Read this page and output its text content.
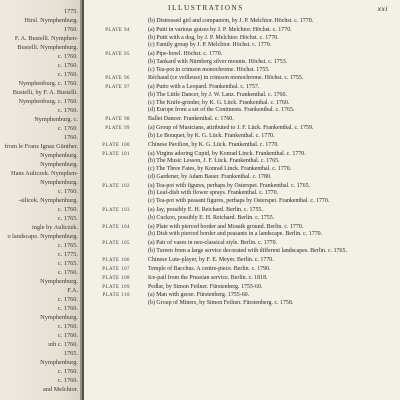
1775.
Hirsl. Nymphenburg.
1760.
F. A. Bustelli. Nymphen-
Bustelli. Nymphenburg.
c. 1760.
c. 1760.
c. 1760.
Nymphenburg. c. 1760.
Bustelli, by F. A. Bustelli.
Nymphenburg. c. 1760.
c. 1760.
Nymphenburg. c.
c. 1760.
1760.
from le Franz Ignaz Günther.
Nymphenburg.
Nymphenburg.
Hans Auliczek. Nymphen-
Nymphenburg.
c. 1760.
-silicek. Nymphenburg.
c. 1760.
c. 1765.
ingle by Auliczek.
o landscape. Nymphenburg.
c. 1765.
c. 1775.
c. 1765.
c. 1760.
Nymphenburg.
F.A.
c. 1760.
c. 1760.
Nymphenburg.
c. 1760.
c. 1760.
uth c. 1760.
1765.
Nymphenburg.
c. 1760.
c. 1760.
and Melchior.
ILLUSTRATIONS	xxi
(b) Distressed girl and companion, by J. P. Melchior. Höchst. c. 1770.
PLATE 94	(a) Putti in various guises by J. P. Melchior. Höchst. c. 1770.
(b) Putti with a dog, by J. P. Melchior. Höchst. c. 1770.
(c) Family group by J. P. Melchior. Höchst. c. 1770.
PLATE 95	(a) Pipe-bowl. Höchst. c. 1770.
(b) Tankard with Nürnberg silver mounts. Höchst. c. 1753.
(c) Tea-pot in crimson monochrome. Höchst. 1755.
PLATE 96	Réchaud (ce veilleuse) in crimson monochrome. Höchst. c. 1755.
PLATE 97	(a) Putto with a Leopard. Frankenthal. c. 1757.
(b) The Little Dancer, by J. W. Lanz. Frankenthal. c. 1760.
(c) The Knife-grinder, by K. G. Lück. Frankenthal. c. 1760.
(d) Europe from a set of the Continents. Frankenthal. c. 1765.
PLATE 98	Ballet Dancer. Frankenthal. c. 1760.
PLATE 99	(a) Group of Musicians, attributed to J. F. Lück. Frankenthal. c. 1759.
(b) Le Bouquet, by K. G. Lück. Frankenthal. c. 1770.
PLATE 100	Chinese Pavilion, by K. G. Lück. Frankenthal. c. 1770.
PLATE 101	(a) Virgins adoring Cupid, by Konrad Linck. Frankenthal. c. 1770.
(b) The Music Lesson, J. F. Lück. Frankenthal. c. 1765.
(c) The Three Fates, by Konrad Linck. Frankenthal. c. 1770.
(d) Gardener, by Adam Bauer. Frankenthal. c. 1780.
PLATE 102	(a) Tea-pot with figures, perhaps by Osterspei. Frankenthal. c. 1765.
(b) Leaf-dish with flower sprays. Frankenthal. c. 1770.
(c) Tea-pot with peasant figures, perhaps by Osterspei. Frankenthal. c. 1770.
PLATE 103	(a) Jay, possibly E. H. Reichard. Berlin. c. 1755.
(b) Cuckoo, possibly E. H. Reichard. Berlin. c. 1755.
PLATE 104	(a) Plate with pierced border and Mosaik ground. Berlin. c. 1770.
(b) Dish with pierced border and peasants in a landscape. Berlin. c. 1770.
PLATE 105	(a) Pair of vases in neo-classical style. Berlin. c. 1770.
(b) Tureen from a large service decorated with different landscapes. Berlin. c. 1765.
PLATE 106	Chinese Lute-player, by F. E. Meyer. Berlin. c. 1770.
PLATE 107	Temple of Bacchus. A centre-piece. Berlin. c. 1790.
PLATE 108	Ice-pail from the Prussian service. Berlin. c. 1818.
PLATE 109	Pedlar, by Simon Feilner. Fürstenberg. 1755-60.
PLATE 110	(a) Man with geese. Fürstenberg. 1755-60.
(b) Group of Miners, by Simon Feilner. Fürstenberg. c. 1758.
